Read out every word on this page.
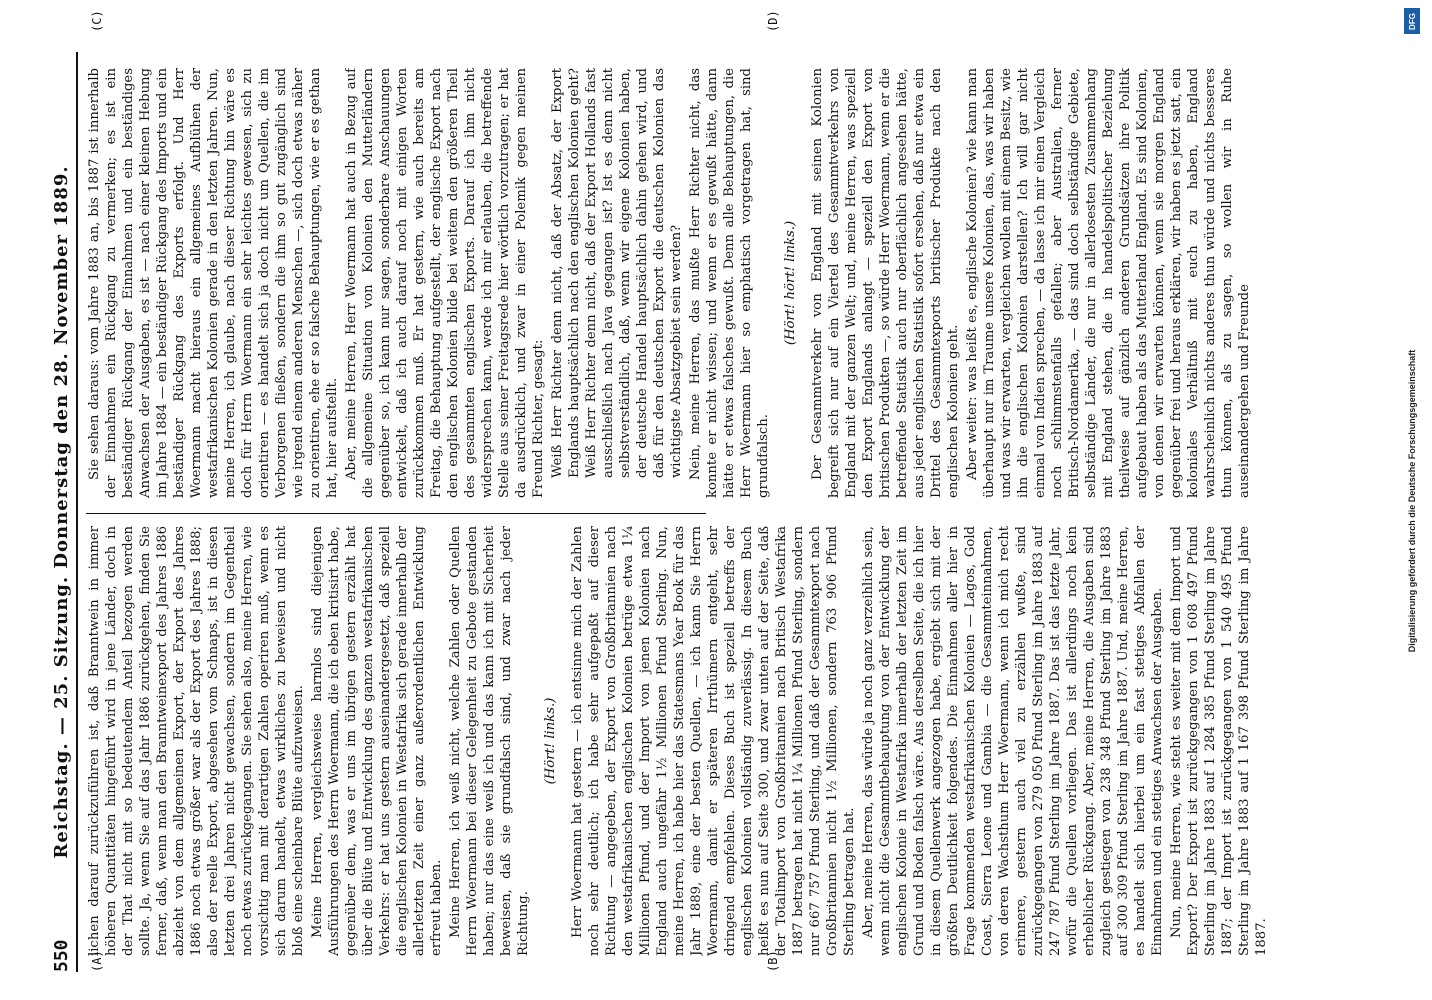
550
Reichstag. — 25. Sitzung. Donnerstag den 28. November 1889.
(A)	(B)
(C)	(D)

lichen darauf zurückzuführen ist, daß Branntwein in immer höheren Quantitäten hingeführt wird in jene Länder, doch in der That nicht mit so bedeutendem Anteil bezogen werden sollte. Ja, wenn Sie auf das Jahr 1886 zurückgehen, finden Sie ferner, daß, wenn man den Branntweinexport des Jahres 1886 abzieht von dem allgemeinen Export, der Export des Jahres 1886 noch etwas größer war als der Export des Jahres 1888; also der reelle Export, abgesehen vom Schnaps, ist in diesen letzten drei Jahren nicht gewachsen, sondern im Gegentheil noch etwas zurückgegangen. Sie sehen also, meine Herren, wie vorsichtig man mit derartigen Zahlen operiren muß, wenn es sich darum handelt, etwas wirkliches zu beweisen und nicht bloß eine scheinbare Blüte aufzuweisen. Meine Herren, vergleichsweise harmlos sind diejenigen Ausführungen des Herrn Woermann, die ich eben kritisirt habe, gegenüber dem, was er uns im übrigen gestern erzählt hat über die Blüte und Entwicklung des ganzen westafrikanischen Verkehrs: er hat uns gestern auseinandergesetzt, daß speziell die englischen Kolonien in Westafrika sich gerade innerhalb der allerletzten Zeit einer ganz außerordentlichen Entwicklung erfreut haben. Meine Herren, ich weiß nicht, welche Zahlen oder Quellen Herrn Woermann bei dieser Gelegenheit zu Gebote gestanden haben; nur das eine weiß ich und das kann ich mit Sicherheit beweisen, daß sie grundfalsch sind, und zwar nach jeder Richtung.

(Hört! links.) Herr Woermann hat gestern — ich entsinne mich der Zahlen noch sehr deutlich; ich habe sehr aufgepaßt auf dieser Richtung — angegeben, der Export von Großbritannien nach den westafrikanischen englischen Kolonien betrüge etwa 1¼ Millionen Pfund, und der Import von jenen Kolonien nach England auch ungefähr 1½ Millionen Pfund Sterling. Nun, meine Herren, ich habe hier das Statesmans Year Book für das Jahr 1889, eine der besten Quellen, — ich kann Sie Herrn Woermann, damit er späteren Irrthümern entgeht, sehr dringend empfehlen. Dieses Buch ist speziell betreffs der englischen Kolonien vollständig zuverlässig. In diesem Buch heißt es nun auf Seite 300, und zwar unten auf der Seite, daß der Totalimport von Großbritannien nach Britisch Westafrika 1887 betragen hat nicht 1¼ Millionen Pfund Sterling, sondern nur 667 757 Pfund Sterling, und daß der Gesammtexport nach Großbritannien nicht 1½ Millionen, sondern 763 906 Pfund Sterling betragen hat. Aber, meine Herren, das würde ja noch ganz verzeihlich sein, wenn nicht die Gesammtbehauptung von der Entwicklung der englischen Kolonie in Westafrika innerhalb der letzten Zeit im Grund und Boden falsch wäre. Aus derselben Seite, die ich hier in diesem Quellenwerk angezogen habe, ergiebt sich mit der größten Deutlichkeit folgendes. Die Einnahmen aller hier in Frage kommenden westafrikanischen Kolonien — Lagos, Gold Coast, Sierra Leone und Gambia — die Gesammteinnahmen, von deren Wachsthum Herr Woermann, wenn ich mich recht erinnere, gestern auch viel zu erzählen wußte, sind zurückgegangen von 279 050 Pfund Sterling im Jahre 1883 auf 247 787 Pfund Sterling im Jahre 1887. Das ist das letzte Jahr, wofür die Quellen vorliegen. Das ist allerdings noch kein erheblicher Rückgang. Aber, meine Herren, die Ausgaben sind zugleich gestiegen von 238 348 Pfund Sterling im Jahre 1883 auf 300 309 Pfund Sterling im Jahre 1887. Und, meine Herren, es handelt sich hierbei um ein fast stetiges Abfallen der Einnahmen und ein stetiges Anwachsen der Ausgaben. Nun, meine Herren, wie steht es weiter mit dem Import und Export? Der Export ist zurückgegangen von 1 608 497 Pfund Sterling im Jahre 1883 auf 1 284 385 Pfund Sterling im Jahre 1887; der Import ist zurückgegangen von 1 540 495 Pfund Sterling im Jahre 1883 auf 1 167 398 Pfund Sterling im Jahre 1887.

Sie sehen daraus: vom Jahre 1883 an, bis 1887 ist innerhalb der Einnahmen ein Rückgang zu vermerken; es ist ein beständiger Rückgang der Einnahmen und ein beständiges Anwachsen der Ausgaben, es ist — nach einer kleinen Hebung im Jahre 1884 — ein beständiger Rückgang des Imports und ein beständiger Rückgang des Exports erfolgt. Und Herr Woermann macht hieraus ein allgemeines Aufblühen der westafrikanischen Kolonien gerade in den letzten Jahren. Nun, meine Herren, ich glaube, nach dieser Richtung hin wäre es doch für Herrn Woermann ein sehr leichtes gewesen, sich zu orientiren — es handelt sich ja doch nicht um Quellen, die im Verborgenen fließen, sondern die ihm so gut zugänglich sind wie irgend einem anderen Menschen —, sich doch etwas näher zu orientiren, ehe er so falsche Behauptungen, wie er es gethan hat, hier aufstellt. Aber, meine Herren, Herr Woermann hat auch in Bezug auf die allgemeine Situation von Kolonien den Mutterländern gegenüber so, ich kann nur sagen, sonderbare Anschauungen entwickelt, daß ich auch darauf noch mit einigen Worten zurückkommen muß. Er hat gestern, wie auch bereits am Freitag, die Behauptung aufgestellt, der englische Export nach den englischen Kolonien bilde bei weitem den größeren Theil des gesammten englischen Exports. Darauf ich ihm nicht widersprechen kann, werde ich mir erlauben, die betreffende Stelle aus seiner Freitagsrede hier wörtlich vorzutragen; er hat da ausdrücklich, und zwar in einer Polemik gegen meinen Freund Richter, gesagt: Weiß Herr Richter denn nicht, daß der Absatz, der Export Englands hauptsächlich nach den englischen Kolonien geht? Weiß Herr Richter denn nicht, daß der Export Hollands fast ausschließlich nach Java gegangen ist? Ist es denn nicht selbstverständlich, daß, wenn wir eigene Kolonien haben, der deutsche Handel hauptsächlich dahin gehen wird, und daß für den deutschen Export die deutschen Kolonien das wichtigste Absatzgebiet sein werden? Nein, meine Herren, das mußte Herr Richter nicht, das konnte er nicht wissen; und wenn er es gewußt hätte, dann hätte er etwas falsches gewußt. Denn alle Behauptungen, die Herr Woermann hier so emphatisch vorgetragen hat, sind grundfalsch.

(Hört! hört! links.) Der Gesammtverkehr von England mit seinen Kolonien begreift sich nur auf ein Viertel des Gesammtverkehrs von England mit der ganzen Welt; und, meine Herren, was speziell den Export Englands anlangt — speziell den Export von britischen Produkten —, so würde Herr Woermann, wenn er die betreffende Statistik auch nur oberflächlich angesehen hätte, aus jeder englischen Statistik sofort ersehen, daß nur etwa ein Drittel des Gesammtexports britischer Produkte nach den englischen Kolonien geht. Aber weiter: was heißt es, englische Kolonien? wie kann man überhaupt nur im Traume unsere Kolonien, das, was wir haben und was wir erwarten, vergleichen wollen mit einem Besitz, wie ihn die englischen Kolonien darstellen? Ich will gar nicht einmal von Indien sprechen, — da lasse ich mir einen Vergleich noch schlimmstenfalls gefallen; aber Australien, ferner Britisch-Nordamerika, — das sind doch selbständige Gebiete, selbständige Länder, die nur in allerlosesten Zusammenhang mit England stehen, die in handelspolitischer Beziehung theilweise auf gänzlich anderen Grundsätzen ihre Politik aufgebaut haben als das Mutterland England. Es sind Kolonien, von denen wir erwarten können, wenn sie morgen England gegenüber frei und heraus erklären, wir haben es jetzt satt, ein koloniales Verhältniß mit euch zu haben, England wahrscheinlich nichts anderes thun würde und nichts besseres thun können, als zu sagen, so wollen wir in Ruhe auseinandergehen und Freunde	Digitalisierung gefördert durch die Deutsche Forschungsgemeinschaft
DFG
